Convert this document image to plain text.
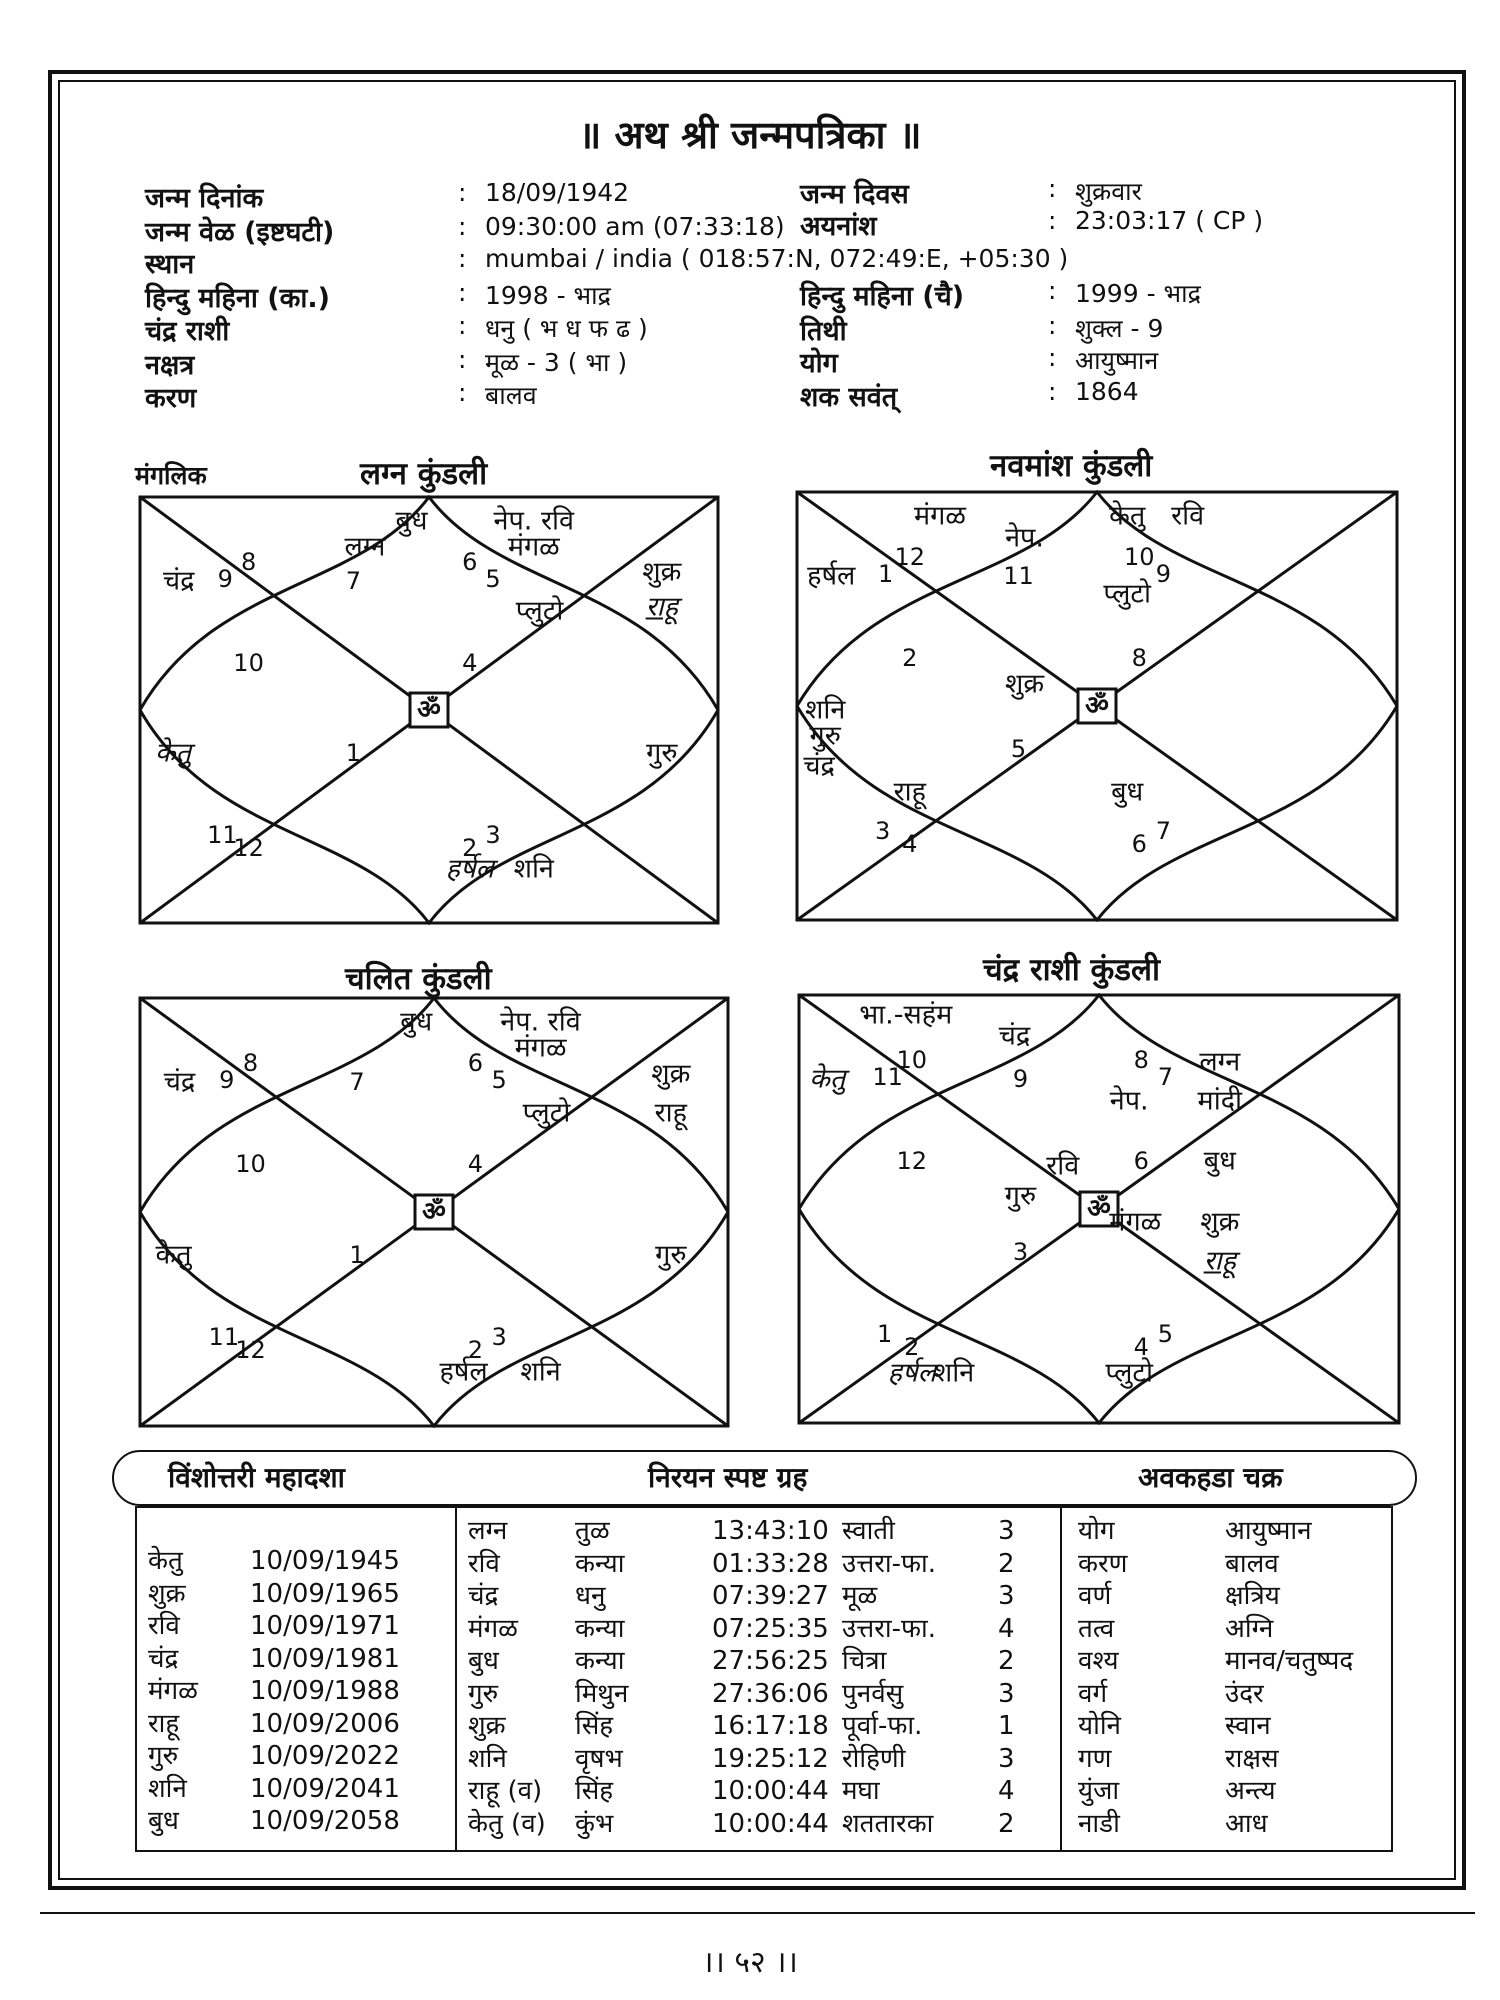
॥ अथ श्री जन्मपत्रिका ॥
जन्म दिनांक	: 18/09/1942
जन्म वेळ (इष्टघटी)	: 09:30:00 am (07:33:18)
स्थान	: mumbai / india ( 018:57:N, 072:49:E, +05:30 )
हिन्दु महिना (का.)	: 1998 - भाद्र
चंद्र राशी	: धनु ( भ ध फ ढ )
नक्षत्र	: मूळ - 3 ( भा )
करण	: बालव
जन्म दिवस	: शुक्रवार
अयनांश	: 23:03:17 ( CP )
हिन्दु महिना (चै)	: 1999 - भाद्र
तिथी	: शुक्ल - 9
योग	: आयुष्मान
शक सवंत्	: 1864
मंगलिक	लग्न कुंडली	नवमांश कुंडली
चलित कुंडली	चंद्र राशी कुंडली
ॐ
7
8
9
10
11
12
1
2 3
4
5
6
बुध नेप. रवि
लग्न	मंगळ
चंद्र	शुक्र
प्लुटो	राहू
केतु	गुरु
हर्षल शनि
ॐ
11
12
1
2
3 4
5
6 7
8
9
10
मंगळ
नेप.
केतु रवि
हर्षल
प्लुटो
शुक्र
शनि
गुरु
चंद्र
राहू	बुध
ॐ
7
8
9
10
11
12
1
2 3
4
5
6
बुध	नेप. रवि
मंगळ
चंद्र	शुक्र
प्लुटो	राहू
केतु	गुरु
हर्षल शनि
ॐ
9
10
11
12
1 2
3
4 5
6
7
8
भा.-सहंम
चंद्र
केतु
लग्न
नेप. मांदी
रवि	बुध
गुरु
मंगळ शुक्र
राहू
हर्षल
शनि	प्लुटो
विंशोत्तरी महादशा	निरयन स्पष्ट ग्रह	अवकहडा चक्र
केतु	10/09/1945
शुक्र 10/09/1965
रवि	10/09/1971
चंद्र	10/09/1981
मंगळ 10/09/1988
राहू	10/09/2006
गुरु	10/09/2022
शनि 10/09/2041
बुध	10/09/2058
लग्न	तुळ	13:43:10 स्वाती	3
रवि	कन्या	01:33:28 उत्तरा-फा. 2
चंद्र	धनु	07:39:27 मूळ	3
मंगळ कन्या	07:25:35 उत्तरा-फा. 4
बुध	कन्या	27:56:25 चित्रा	2
गुरु	मिथुन	27:36:06 पुनर्वसु	3
शुक्र	सिंह	16:17:18 पूर्वा-फा.	1
शनि	वृषभ	19:25:12 रोहिणी	3
राहू (व) सिंह	10:00:44 मघा	4
केतु (व) कुंभ	10:00:44 शततारका 2
योग	आयुष्मान
करण	बालव
वर्ण	क्षत्रिय
तत्व	अग्नि
वश्य	मानव/चतुष्पद
वर्ग	उंदर
योनि	स्वान
गण	राक्षस
युंजा	अन्त्य
नाडी	आध
।। ५२ ।।
